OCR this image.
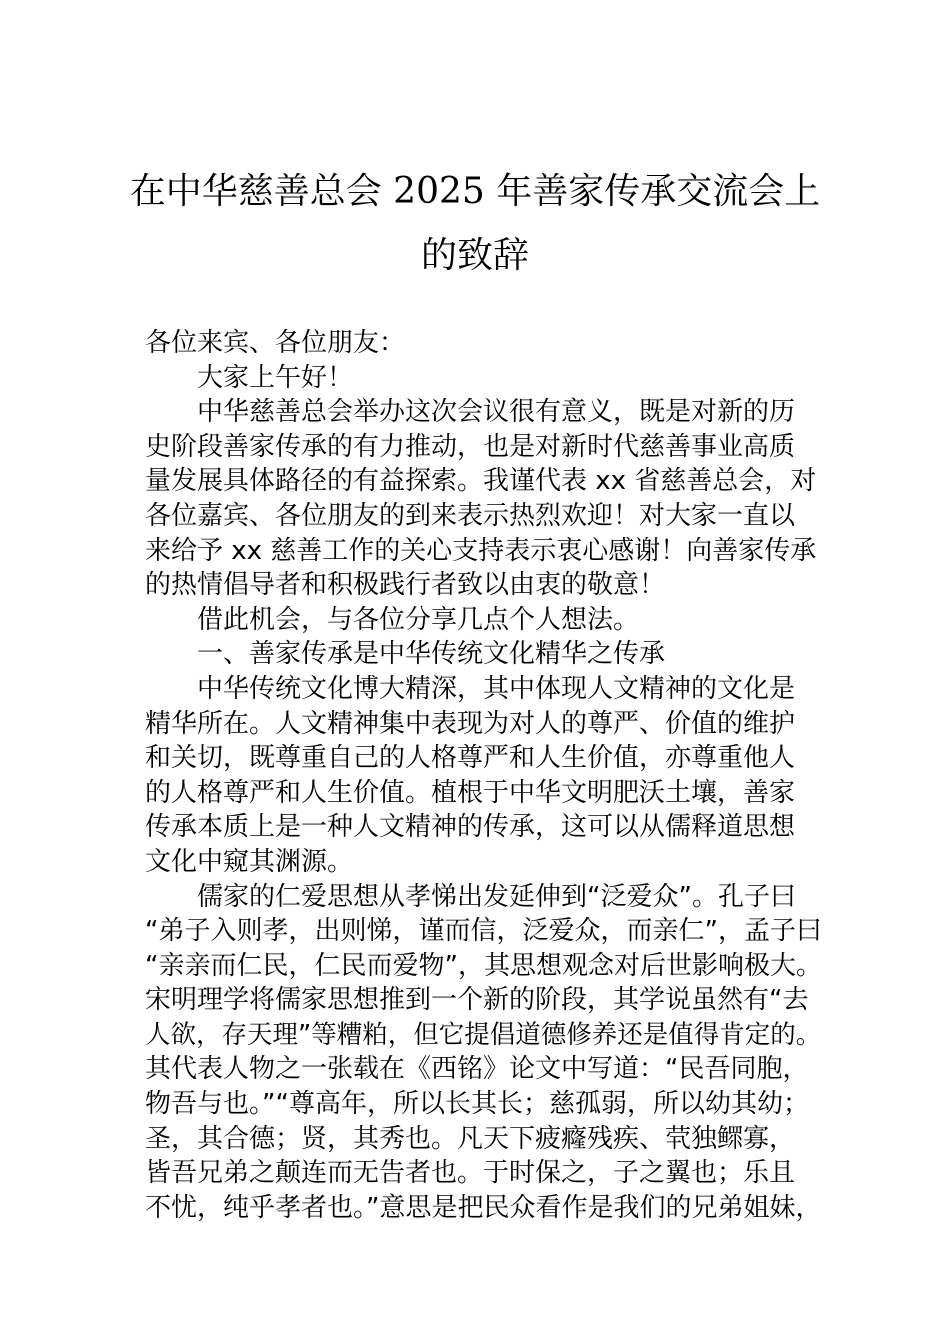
在中华慈善总会 2025 年善家传承交流会上
的致辞
各位来宾、各位朋友：
大家上午好！
中华慈善总会举办这次会议很有意义，既是对新的历
史阶段善家传承的有力推动，也是对新时代慈善事业高质
量发展具体路径的有益探索。我谨代表 xx 省慈善总会，对
各位嘉宾、各位朋友的到来表示热烈欢迎！对大家一直以
来给予 xx 慈善工作的关心支持表示衷心感谢！向善家传承
的热情倡导者和积极践行者致以由衷的敬意！
借此机会，与各位分享几点个人想法。
一、善家传承是中华传统文化精华之传承
中华传统文化博大精深，其中体现人文精神的文化是
精华所在。人文精神集中表现为对人的尊严、价值的维护
和关切，既尊重自己的人格尊严和人生价值，亦尊重他人
的人格尊严和人生价值。植根于中华文明肥沃土壤，善家
传承本质上是一种人文精神的传承，这可以从儒释道思想
文化中窥其渊源。
儒家的仁爱思想从孝悌出发延伸到“泛爱众”。孔子曰
“弟子入则孝，出则悌，谨而信，泛爱众，而亲仁”，孟子曰
“亲亲而仁民，仁民而爱物”，其思想观念对后世影响极大。
宋明理学将儒家思想推到一个新的阶段，其学说虽然有“去
人欲，存天理”等糟粕，但它提倡道德修养还是值得肯定的。
其代表人物之一张载在《西铭》论文中写道：“民吾同胞，
物吾与也。”“尊高年，所以长其长；慈孤弱，所以幼其幼；
圣，其合德；贤，其秀也。凡天下疲癃残疾、茕独鳏寡，
皆吾兄弟之颠连而无告者也。于时保之，子之翼也；乐且
不忧，纯乎孝者也。”意思是把民众看作是我们的兄弟姐妹，
